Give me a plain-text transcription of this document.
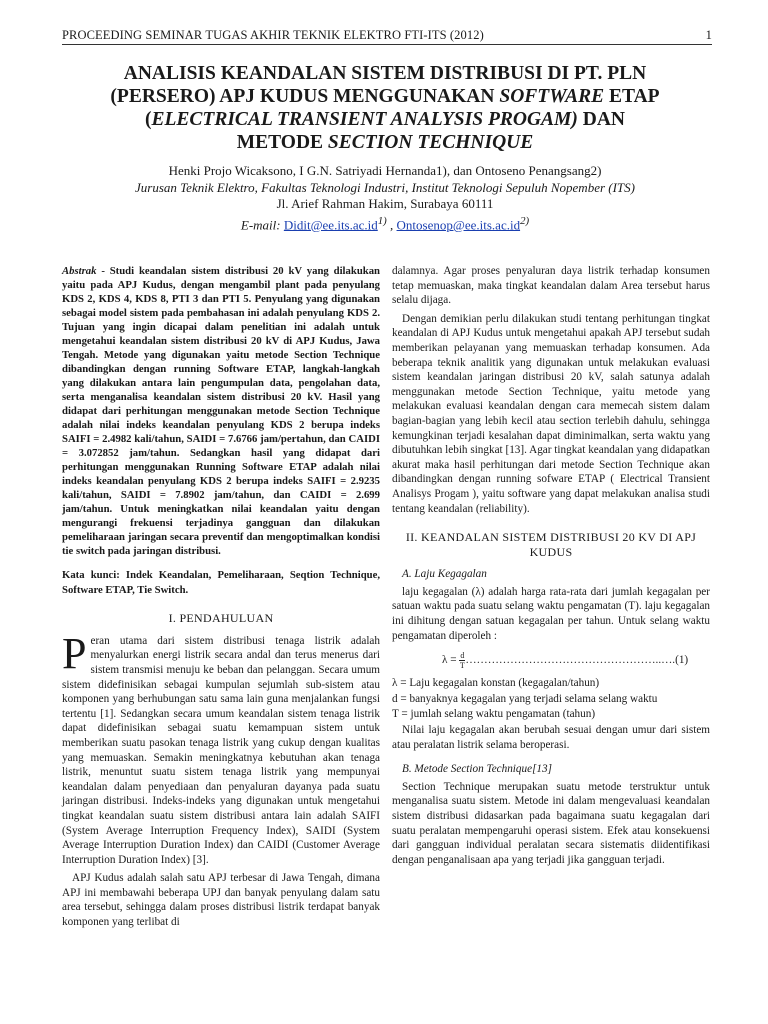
PROCEEDING SEMINAR TUGAS AKHIR TEKNIK ELEKTRO FTI-ITS (2012)	1
ANALISIS KEANDALAN SISTEM DISTRIBUSI DI PT. PLN
(PERSERO) APJ KUDUS MENGGUNAKAN SOFTWARE ETAP
(ELECTRICAL TRANSIENT ANALYSIS PROGAM) DAN
METODE SECTION TECHNIQUE
Henki Projo Wicaksono, I G.N. Satriyadi Hernanda1), dan Ontoseno Penangsang2)
Jurusan Teknik Elektro, Fakultas Teknologi Industri, Institut Teknologi Sepuluh Nopember (ITS)
Jl. Arief Rahman Hakim, Surabaya 60111
E-mail: $Didit@ee.its.ac.id^{1)}$ , $Ontosenop@ee.its.ac.id^{2)}$
Abstrak - Studi keandalan sistem distribusi 20 kV yang dilakukan yaitu pada APJ Kudus, dengan mengambil plant pada penyulang KDS 2, KDS 4, KDS 8, PTI 3 dan PTI 5. Penyulang yang digunakan sebagai model sistem pada pembahasan ini adalah penyulang KDS 2. Tujuan yang ingin dicapai dalam penelitian ini adalah untuk mengetahui keandalan sistem distribusi 20 kV di APJ Kudus, Jawa Tengah. Metode yang digunakan yaitu metode Section Technique dibandingkan dengan running Software ETAP, langkah-langkah yang dilakukan antara lain pengumpulan data, pengolahan data, serta menganalisa keandalan sistem distribusi 20 kV. Hasil yang didapat dari perhitungan menggunakan metode Section Technique adalah nilai indeks keandalan penyulang KDS 2 berupa indeks SAIFI = 2.4982 kali/tahun, SAIDI = 7.6766 jam/pertahun, dan CAIDI = 3.072852 jam/tahun. Sedangkan hasil yang didapat dari perhitungan menggunakan Running Software ETAP adalah nilai indeks keandalan penyulang KDS 2 berupa indeks SAIFI = 2.9235 kali/tahun, SAIDI = 7.8902 jam/tahun, dan CAIDI = 2.699 jam/tahun. Untuk meningkatkan nilai keandalan yaitu dengan mengurangi frekuensi terjadinya gangguan dan dilakukan pemeliharaan jaringan secara preventif dan mengoptimalkan kondisi tie switch pada jaringan distribusi.
Kata kunci: Indek Keandalan, Pemeliharaan, Seqtion Technique, Software ETAP, Tie Switch.
I. PENDAHULUAN

Peran utama dari sistem distribusi tenaga listrik adalah menyalurkan energi listrik secara andal dan terus menerus dari sistem transmisi menuju ke beban dan pelanggan. Secara umum sistem didefinisikan sebagai kumpulan sejumlah sub-sistem atau komponen yang berhubungan satu sama lain guna menjalankan fungsi tertentu [1]. Sedangkan secara umum keandalan sistem tenaga listrik dapat didefinisikan sebagai suatu kemampuan sistem untuk memberikan suatu pasokan tenaga listrik yang cukup dengan kualitas yang memuaskan. Semakin meningkatnya kebutuhan akan tenaga listrik, menuntut suatu sistem tenaga listrik yang mempunyai keandalan dalam penyediaan dan penyaluran dayanya pada suatu jaringan distribusi. Indeks-indeks yang digunakan untuk mengetahui tingkat keandalan suatu sistem distribusi antara lain adalah SAIFI (System Average Interruption Frequency Index), SAIDI (System Average Interruption Duration Index) dan CAIDI (Customer Average Interruption Duration Index) [3].

APJ Kudus adalah salah satu APJ terbesar di Jawa Tengah, dimana APJ ini membawahi beberapa UPJ dan banyak penyulang dalam satu area tersebut, sehingga dalam proses distribusi listrik terdapat banyak komponen yang terlibat di

dalamnya. Agar proses penyaluran daya listrik terhadap konsumen tetap memuaskan, maka tingkat keandalan dalam Area tersebut harus selalu dijaga.

Dengan demikian perlu dilakukan studi tentang perhitungan tingkat keandalan di APJ Kudus untuk mengetahui apakah APJ tersebut sudah memberikan pelayanan yang memuaskan terhadap konsumen. Ada beberapa teknik analitik yang digunakan untuk melakukan evaluasi sistem keandalan jaringan distribusi 20 kV, salah satunya adalah menggunakan metode Section Technique, yaitu metode yang melakukan evaluasi keandalan dengan cara memecah sistem dalam bagian-bagian yang lebih kecil atau section terlebih dahulu, sehingga kemungkinan terjadi kesalahan dapat diminimalkan, serta waktu yang dibutuhkan lebih singkat [13]. Agar tingkat keandalan yang didapatkan akurat maka hasil perhitungan dari metode Section Technique akan dibandingkan dengan running sofware ETAP ( Electrical Transient Analisys Progam ), yaitu software yang dapat melakukan analisa studi tentang keandalan (reliability).

II. KEANDALAN SISTEM DISTRIBUSI 20 KV DI APJ KUDUS
A. Laju Kegagalan

laju kegagalan (λ) adalah harga rata-rata dari jumlah kegagalan per satuan waktu pada suatu selang waktu pengamatan (T). laju kegagalan ini dihitung dengan satuan kegagalan per tahun. Untuk selang waktu pengamatan diperoleh :

$\lambda = \frac{d}{T}$ ……………………………………………..….(1)

λ = Laju kegagalan konstan (kegagalan/tahun)

d = banyaknya kegagalan yang terjadi selama selang waktu

T = jumlah selang waktu pengamatan (tahun)

Nilai laju kegagalan akan berubah sesuai dengan umur dari sistem atau peralatan listrik selama beroperasi.

B. Metode Section Technique[13]

Section Technique merupakan suatu metode terstruktur untuk menganalisa suatu sistem. Metode ini dalam mengevaluasi keandalan sistem distribusi didasarkan pada bagaimana suatu kegagalan dari suatu peralatan mempengaruhi operasi sistem. Efek atau konsekuensi dari gangguan individual peralatan secara sistematis diidentifikasi dengan penganalisaan apa yang terjadi jika gangguan terjadi.
